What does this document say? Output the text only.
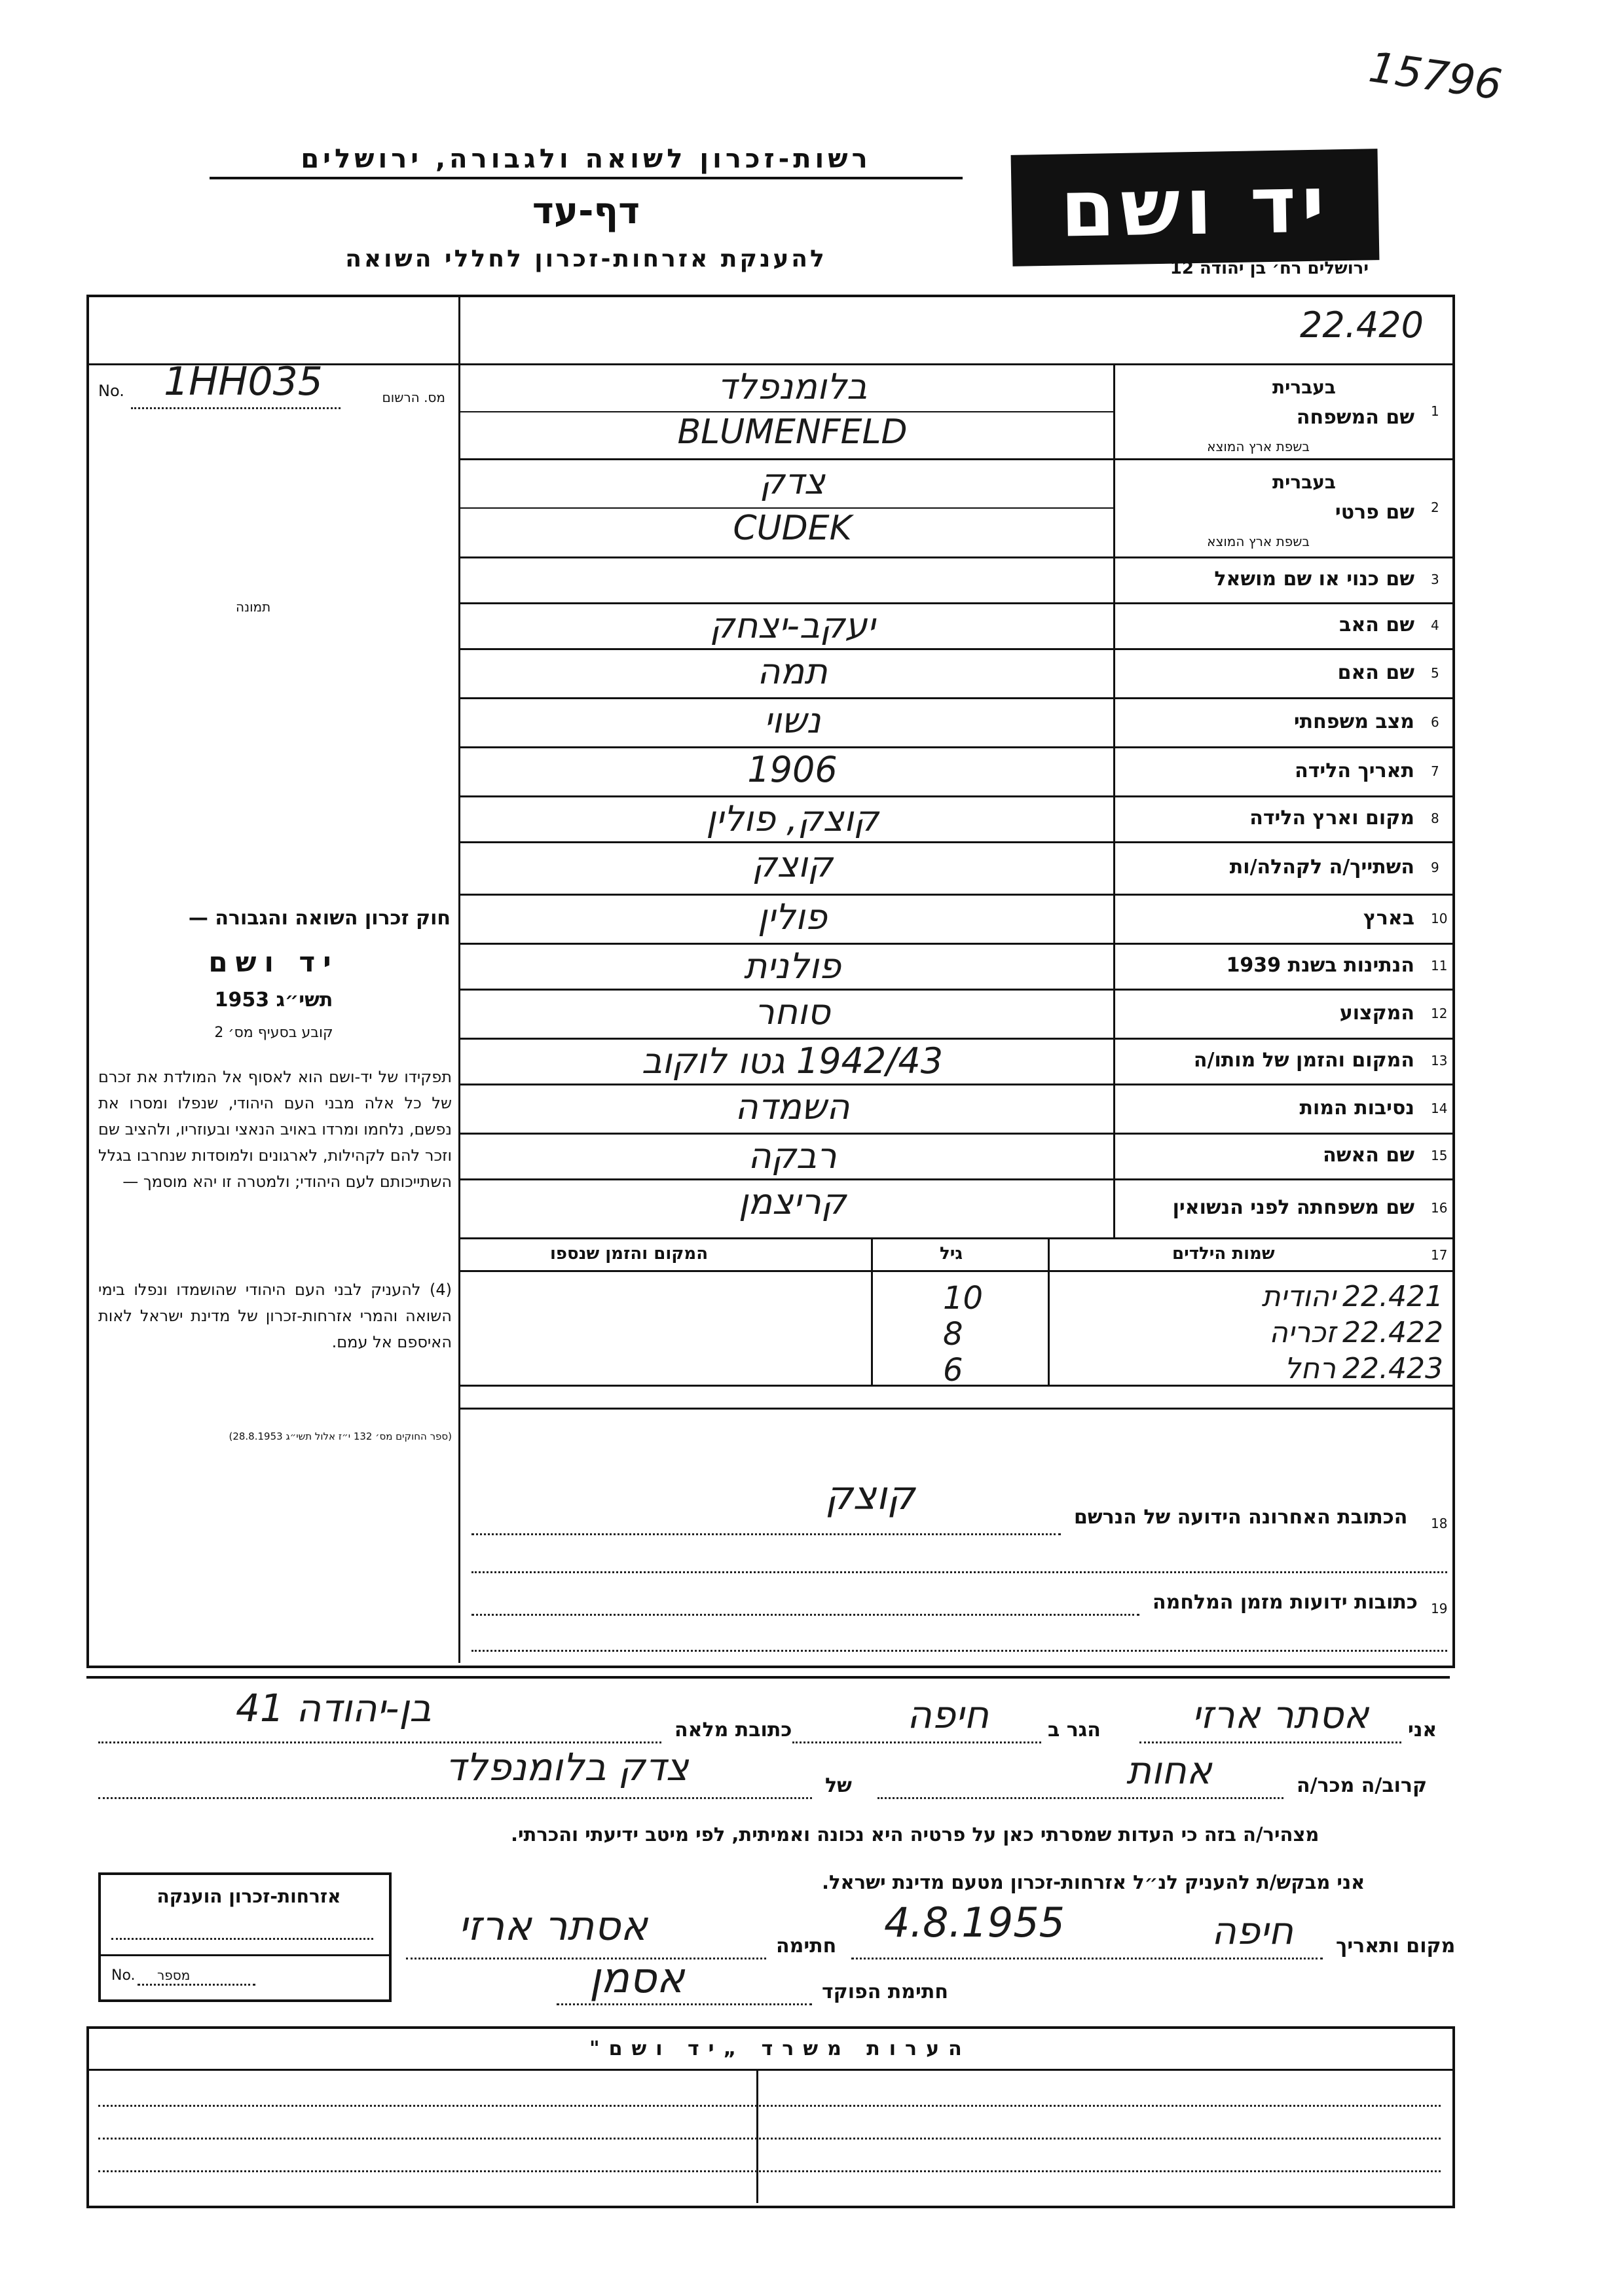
15796
יד ושם
ירושלים רח׳ בן יהודה 12
רשות-זכרון לשואה ולגבורה, ירושלים
דף-עד
להענקת אזרחות-זכרון לחללי השואה
22.420
No. 1HH035	מס. הרשום
תמונה
חוק זכרון השואה והגבורה —
יד ושם
תשי״ג 1953
קובע בסעיף מס׳ 2
תפקידו של יד-ושם הוא לאסוף אל המולדת את זכרם של כל אלה מבני העם היהודי, שנפלו ומסרו את נפשם, נלחמו ומרדו באויב הנאצי ובעוזריו, ולהציב שם וזכר להם לקהילות, לארגונים ולמוסדות שנחרבו בגלל השתייכותם לעם היהודי; ולמטרה זו יהא מוסמך —
(4) להעניק לבני העם היהודי שהושמדו ונפלו בימי השואה והמרי אזרחות-זכרון של מדינת ישראל לאות האיספם אל עמם.
(ספר החוקים מס׳ 132 י״ז אלול תשי״ג 28.8.1953)
1
שם המשפחה
בעברית
בשפת ארץ המוצא
בלומנפלד
BLUMENFELD
2
שם פרטי
בעברית
בשפת ארץ המוצא
צדק
CUDEK
3
שם כנוי או שם מושאל
4
שם האב
יעקב-יצחק
5
שם האם
תמה
6
מצב משפחתי
נשוי
7
תאריך הלידה
1906
8
מקום וארץ הלידה
קוצק, פולין
9
השתייך/ה לקהלה/ות
קוצק
10
בארץ
פולין
11
הנתינות בשנת 1939
פולנית
12
המקצוע
סוחר
13
המקום והזמן של מותו/ה
1942/43 גטו לוקוב
14
נסיבות המות
השמדה
15
שם האשה
רבקה
16
שם משפחתה לפני הנשואין
קריצמן
17
שמות הילדים
גיל
המקום והזמן שנספו
22.421
יהודית
10
22.422
זכריה
8
22.423
רחל
6
18
הכתובת האחרונה הידועה של הנרשם
קוצק
19
כתובות ידועות מזמן המלחמה
אני
אסתר ארזי
הגר ב
חיפה
כתובת מלאה
בן-יהודה 41
קרוב/ה מכר/ה
אחות
של
צדק בלומנפלד
מצהיר/ה בזה כי העדות שמסרתי כאן על פרטיה היא נכונה ואמיתית, לפי מיטב ידיעתי והכרתי.
אני מבקש/ת להעניק לנ״ל אזרחות-זכרון מטעם מדינת ישראל.
אזרחות-זכרון הוענקה
No. מספר
מקום ותאריך
חיפה
4.8.1955
חתימה
אסתר ארזי
חתימת הפוקד
אסמן
הערות משרד „יד ושם"
